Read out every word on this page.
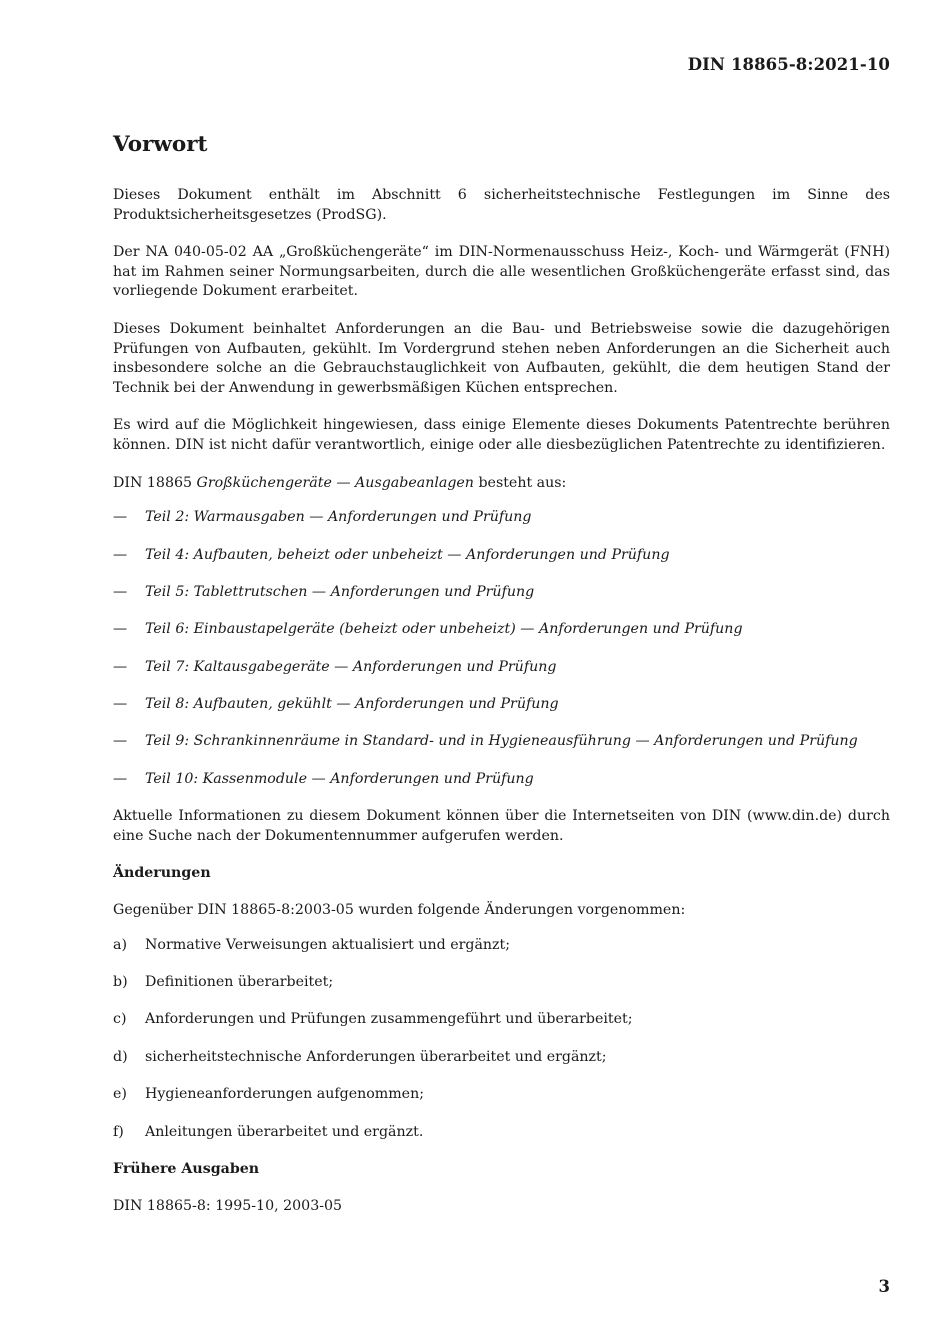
DIN 18865-8:2021-10
Vorwort

Dieses Dokument enthält im Abschnitt 6 sicherheitstechnische Festlegungen im Sinne des Produktsicherheitsgesetzes (ProdSG).

Der NA 040-05-02 AA „Großküchengeräte“ im DIN-Normenausschuss Heiz-, Koch- und Wärmgerät (FNH) hat im Rahmen seiner Normungsarbeiten, durch die alle wesentlichen Großküchengeräte erfasst sind, das vorliegende Dokument erarbeitet.

Dieses Dokument beinhaltet Anforderungen an die Bau- und Betriebsweise sowie die dazugehörigen Prüfungen von Aufbauten, gekühlt. Im Vordergrund stehen neben Anforderungen an die Sicherheit auch insbesondere solche an die Gebrauchstauglichkeit von Aufbauten, gekühlt, die dem heutigen Stand der Technik bei der Anwendung in gewerbsmäßigen Küchen entsprechen.

Es wird auf die Möglichkeit hingewiesen, dass einige Elemente dieses Dokuments Patentrechte berühren können. DIN ist nicht dafür verantwortlich, einige oder alle diesbezüglichen Patentrechte zu identifizieren.

DIN 18865 Großküchengeräte — Ausgabeanlagen besteht aus:

—	Teil 2: Warmausgaben — Anforderungen und Prüfung
—	Teil 4: Aufbauten, beheizt oder unbeheizt — Anforderungen und Prüfung
—	Teil 5: Tablettrutschen — Anforderungen und Prüfung
—	Teil 6: Einbaustapelgeräte (beheizt oder unbeheizt) — Anforderungen und Prüfung
—	Teil 7: Kaltausgabegeräte — Anforderungen und Prüfung
—	Teil 8: Aufbauten, gekühlt — Anforderungen und Prüfung
—	Teil 9: Schrankinnenräume in Standard- und in Hygieneausführung — Anforderungen und Prüfung
—	Teil 10: Kassenmodule — Anforderungen und Prüfung

Aktuelle Informationen zu diesem Dokument können über die Internetseiten von DIN (www.din.de) durch eine Suche nach der Dokumentennummer aufgerufen werden.

Änderungen

Gegenüber DIN 18865-8:2003-05 wurden folgende Änderungen vorgenommen:

a)	Normative Verweisungen aktualisiert und ergänzt;
b)	Definitionen überarbeitet;
c)	Anforderungen und Prüfungen zusammengeführt und überarbeitet;
d)	sicherheitstechnische Anforderungen überarbeitet und ergänzt;
e)	Hygieneanforderungen aufgenommen;
f)	Anleitungen überarbeitet und ergänzt.
Frühere Ausgaben

DIN 18865-8: 1995-10, 2003-05

3
